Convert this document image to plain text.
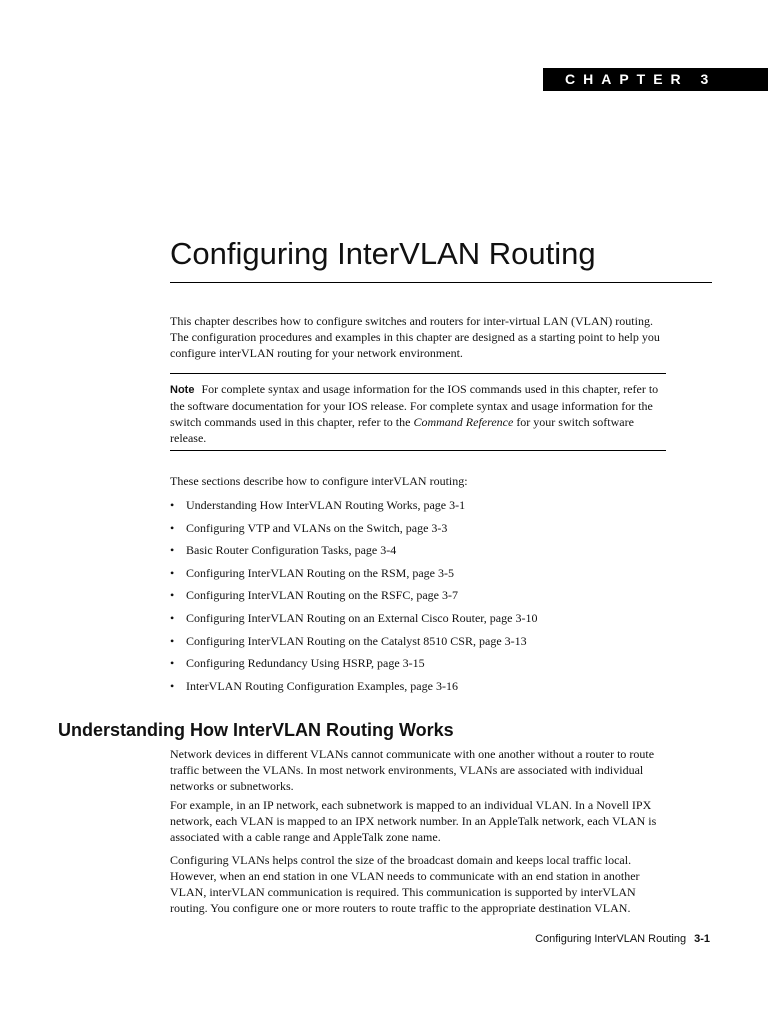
CHAPTER 3
Configuring InterVLAN Routing

This chapter describes how to configure switches and routers for inter-virtual LAN (VLAN) routing. The configuration procedures and examples in this chapter are designed as a starting point to help you configure interVLAN routing for your network environment.

Note For complete syntax and usage information for the IOS commands used in this chapter, refer to the software documentation for your IOS release. For complete syntax and usage information for the switch commands used in this chapter, refer to the Command Reference for your switch software release.

These sections describe how to configure interVLAN routing:

• Understanding How InterVLAN Routing Works, page 3-1
• Configuring VTP and VLANs on the Switch, page 3-3
• Basic Router Configuration Tasks, page 3-4
• Configuring InterVLAN Routing on the RSM, page 3-5
• Configuring InterVLAN Routing on the RSFC, page 3-7
• Configuring InterVLAN Routing on an External Cisco Router, page 3-10
• Configuring InterVLAN Routing on the Catalyst 8510 CSR, page 3-13
• Configuring Redundancy Using HSRP, page 3-15
• InterVLAN Routing Configuration Examples, page 3-16
Understanding How InterVLAN Routing Works

Network devices in different VLANs cannot communicate with one another without a router to route traffic between the VLANs. In most network environments, VLANs are associated with individual networks or subnetworks.

For example, in an IP network, each subnetwork is mapped to an individual VLAN. In a Novell IPX network, each VLAN is mapped to an IPX network number. In an AppleTalk network, each VLAN is associated with a cable range and AppleTalk zone name.

Configuring VLANs helps control the size of the broadcast domain and keeps local traffic local. However, when an end station in one VLAN needs to communicate with an end station in another VLAN, interVLAN communication is required. This communication is supported by interVLAN routing. You configure one or more routers to route traffic to the appropriate destination VLAN.

Configuring InterVLAN Routing 3-1
